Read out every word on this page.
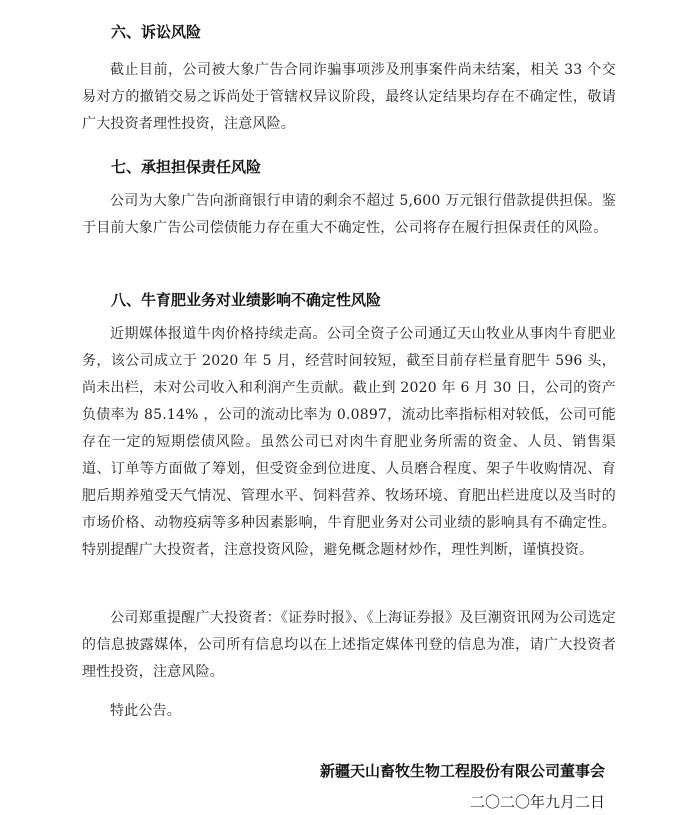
六、诉讼风险
截止目前，公司被大象广告合同诈骗事项涉及刑事案件尚未结案，相关 33 个交易对方的撤销交易之诉尚处于管辖权异议阶段，最终认定结果均存在不确定性，敬请广大投资者理性投资，注意风险。
七、承担担保责任风险
公司为大象广告向浙商银行申请的剩余不超过 5,600 万元银行借款提供担保。鉴于目前大象广告公司偿债能力存在重大不确定性，公司将存在履行担保责任的风险。
八、牛育肥业务对业绩影响不确定性风险
近期媒体报道牛肉价格持续走高。公司全资子公司通辽天山牧业从事肉牛育肥业务，该公司成立于 2020 年 5 月，经营时间较短，截至目前存栏量育肥牛 596 头，尚未出栏，未对公司收入和利润产生贡献。截止到 2020 年 6 月 30 日，公司的资产负债率为 85.14% ，公司的流动比率为 0.0897，流动比率指标相对较低，公司可能存在一定的短期偿债风险。虽然公司已对肉牛育肥业务所需的资金、人员、销售渠道、订单等方面做了筹划，但受资金到位进度、人员磨合程度、架子牛收购情况、育肥后期养殖受天气情况、管理水平、饲料营养、牧场环境、育肥出栏进度以及当时的市场价格、动物疫病等多种因素影响，牛育肥业务对公司业绩的影响具有不确定性。特别提醒广大投资者，注意投资风险，避免概念题材炒作，理性判断，谨慎投资。
公司郑重提醒广大投资者：《证券时报》、《上海证券报》及巨潮资讯网为公司选定的信息披露媒体，公司所有信息均以在上述指定媒体刊登的信息为准，请广大投资者理性投资，注意风险。
特此公告。
新疆天山畜牧生物工程股份有限公司董事会
二〇二〇年九月二日
